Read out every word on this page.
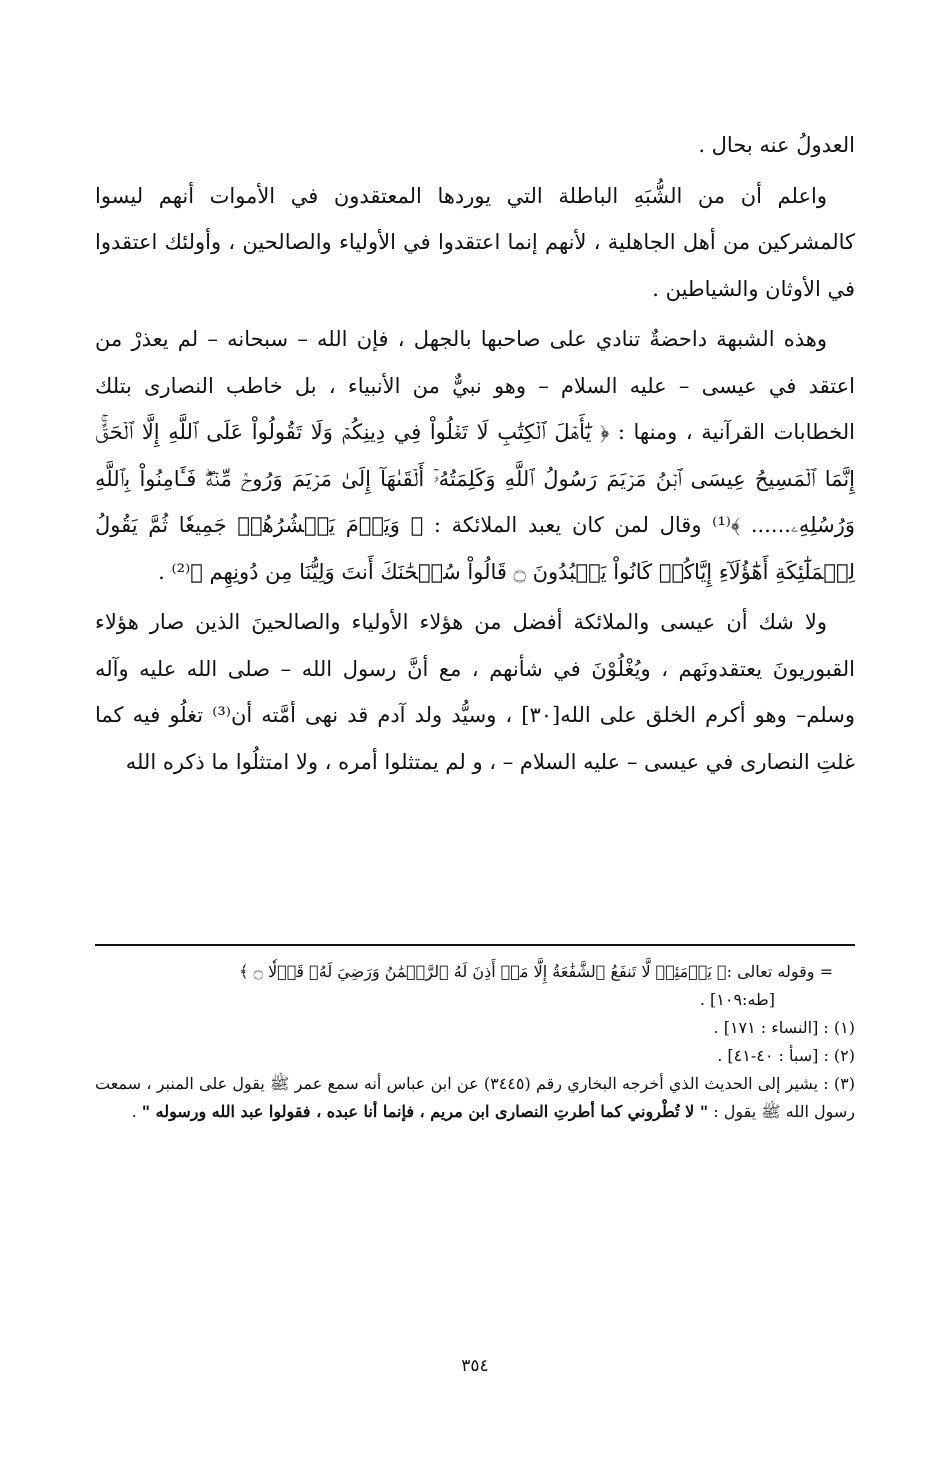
العدولُ عنه بحال .

واعلم أن من الشُّبَهِ الباطلة التي يوردها المعتقدون في الأموات أنهم ليسوا كالمشركين من أهل الجاهلية ، لأنهم إنما اعتقدوا في الأولياء والصالحين ، وأولئك اعتقدوا في الأوثان والشياطين .

وهذه الشبهة داحضةٌ تنادي على صاحبها بالجهل ، فإن الله – سبحانه – لم يعذرْ من اعتقد في عيسى – عليه السلام – وهو نبيٌّ من الأنبياء ، بل خاطب النصارى بتلك الخطابات القرآنية ، ومنها : ﴿ يَٰٓأَهۡلَ ٱلۡكِتَٰبِ لَا تَغۡلُواْ فِي دِينِكُمۡ وَلَا تَقُولُواْ عَلَى ٱللَّهِ إِلَّا ٱلۡحَقَّۚ إِنَّمَا ٱلۡمَسِيحُ عِيسَى ٱبۡنُ مَرۡيَمَ رَسُولُ ٱللَّهِ وَكَلِمَتُهُۥٓ أَلۡقَىٰهَآ إِلَىٰ مَرۡيَمَ وَرُوحٞ مِّنۡهُۖ فَـَٔامِنُواْ بِٱللَّهِ وَرُسُلِهِۦ...... ﴾⁽¹⁾ وقال لمن كان يعبد الملائكة : ﴿ وَيَوۡمَ يَحۡشُرُهُمۡ جَمِيعٗا ثُمَّ يَقُولُ لِلۡمَلَٰٓئِكَةِ أَهَٰٓؤُلَآءِ إِيَّاكُمۡ كَانُواْ يَعۡبُدُونَ ۝ قَالُواْ سُبۡحَٰنَكَ أَنتَ وَلِيُّنَا مِن دُونِهِم ﴾⁽²⁾ .

ولا شك أن عيسى والملائكة أفضل من هؤلاء الأولياء والصالحينَ الذين صار هؤلاء القبوريونَ يعتقدونَهم ، ويُغْلُوْنَ في شأنهم ، مع أنَّ رسول الله – صلى الله عليه وآله وسلم– وهو أكرم الخلق على الله[٣٠] ، وسيُّد ولد آدم قد نهى أمَّته أن⁽³⁾ تغلُو فيه كما غلتِ النصارى في عيسى – عليه السلام – ، و لم يمتثلوا أمره ، ولا امتثلُوا ما ذكره الله

= وقوله تعالى :﴿ يَوۡمَئِذٖ لَّا تَنفَعُ ٱلشَّفَٰعَةُ إِلَّا مَنۡ أَذِنَ لَهُ ٱلرَّحۡمَٰنُ وَرَضِيَ لَهُۥ قَوۡلٗا ۝ ﴾

[طه:١٠٩] .

(١) : [النساء : ١٧١] .

(٢) : [سبأ : ٤٠-٤١] .

(٣) : يشير إلى الحديث الذي أخرجه البخاري رقم (٣٤٤٥) عن ابن عباس أنه سمع عمر ﷺ يقول على المنبر ، سمعت رسول الله ﷺ يقول : " لا تُطْروني كما أطرتِ النصارى ابن مريم ، فإنما أنا عبده ، فقولوا عبد الله ورسوله " .

٣٥٤
